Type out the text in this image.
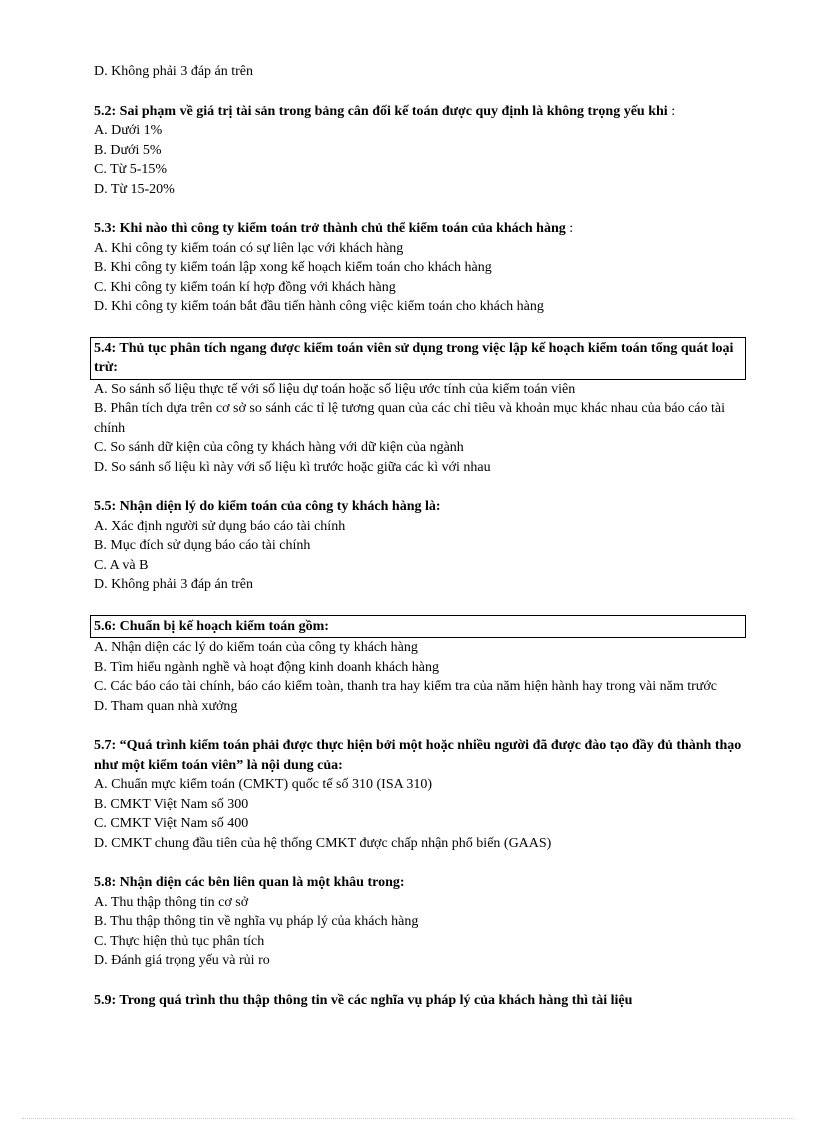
D. Không phải 3 đáp án trên
5.2: Sai phạm về giá trị tài sản trong bảng cân đối kế toán được quy định là không trọng yếu khi :
A. Dưới 1%
B. Dưới 5%
C. Từ 5-15%
D. Từ 15-20%
5.3: Khi nào thì công ty kiểm toán trở thành chủ thể kiểm toán của khách hàng :
A. Khi công ty kiểm toán có sự liên lạc với khách hàng
B. Khi công ty kiểm toán lập xong kế hoạch kiểm toán cho khách hàng
C. Khi công ty kiểm toán kí hợp đồng với khách hàng
D. Khi công ty kiểm toán bắt đầu tiến hành công việc kiểm toán cho khách hàng
5.4: Thủ tục phân tích ngang được kiểm toán viên sử dụng trong việc lập kế hoạch kiểm toán tổng quát loại trừ:
A. So sánh số liệu thực tế với số liệu dự toán hoặc số liệu ước tính của kiểm toán viên
B. Phân tích dựa trên cơ sở so sánh các tỉ lệ tương quan của các chỉ tiêu và khoản mục khác nhau của báo cáo tài chính
C. So sánh dữ kiện của công ty khách hàng với dữ kiện của ngành
D. So sánh số liệu kì này với số liệu kì trước hoặc giữa các kì với nhau
5.5: Nhận diện lý do kiểm toán của công ty khách hàng là:
A. Xác định người sử dụng báo cáo tài chính
B. Mục đích sử dụng báo cáo tài chính
C. A và B
D. Không phải 3 đáp án trên
5.6: Chuẩn bị kế hoạch kiểm toán gồm:
A. Nhận diện các lý do kiểm toán của công ty khách hàng
B. Tìm hiểu ngành nghề và hoạt động kinh doanh khách hàng
C. Các báo cáo tài chính, báo cáo kiểm toàn, thanh tra hay kiểm tra của năm hiện hành hay trong vài năm trước
D. Tham quan nhà xưởng
5.7: “Quá trình kiểm toán phải được thực hiện bởi một hoặc nhiều người đã được đào tạo đầy đủ thành thạo như một kiểm toán viên” là nội dung của:
A. Chuẩn mực kiểm toán (CMKT) quốc tế số 310 (ISA 310)
B. CMKT Việt Nam số 300
C. CMKT Việt Nam số 400
D. CMKT chung đầu tiên của hệ thống CMKT được chấp nhận phổ biến (GAAS)
5.8: Nhận diện các bên liên quan là một khâu trong:
A. Thu thập thông tin cơ sở
B. Thu thập thông tin về nghĩa vụ pháp lý của khách hàng
C. Thực hiện thủ tục phân tích
D. Đánh giá trọng yếu và rủi ro
5.9: Trong quá trình thu thập thông tin về các nghĩa vụ pháp lý của khách hàng thì tài liệu
